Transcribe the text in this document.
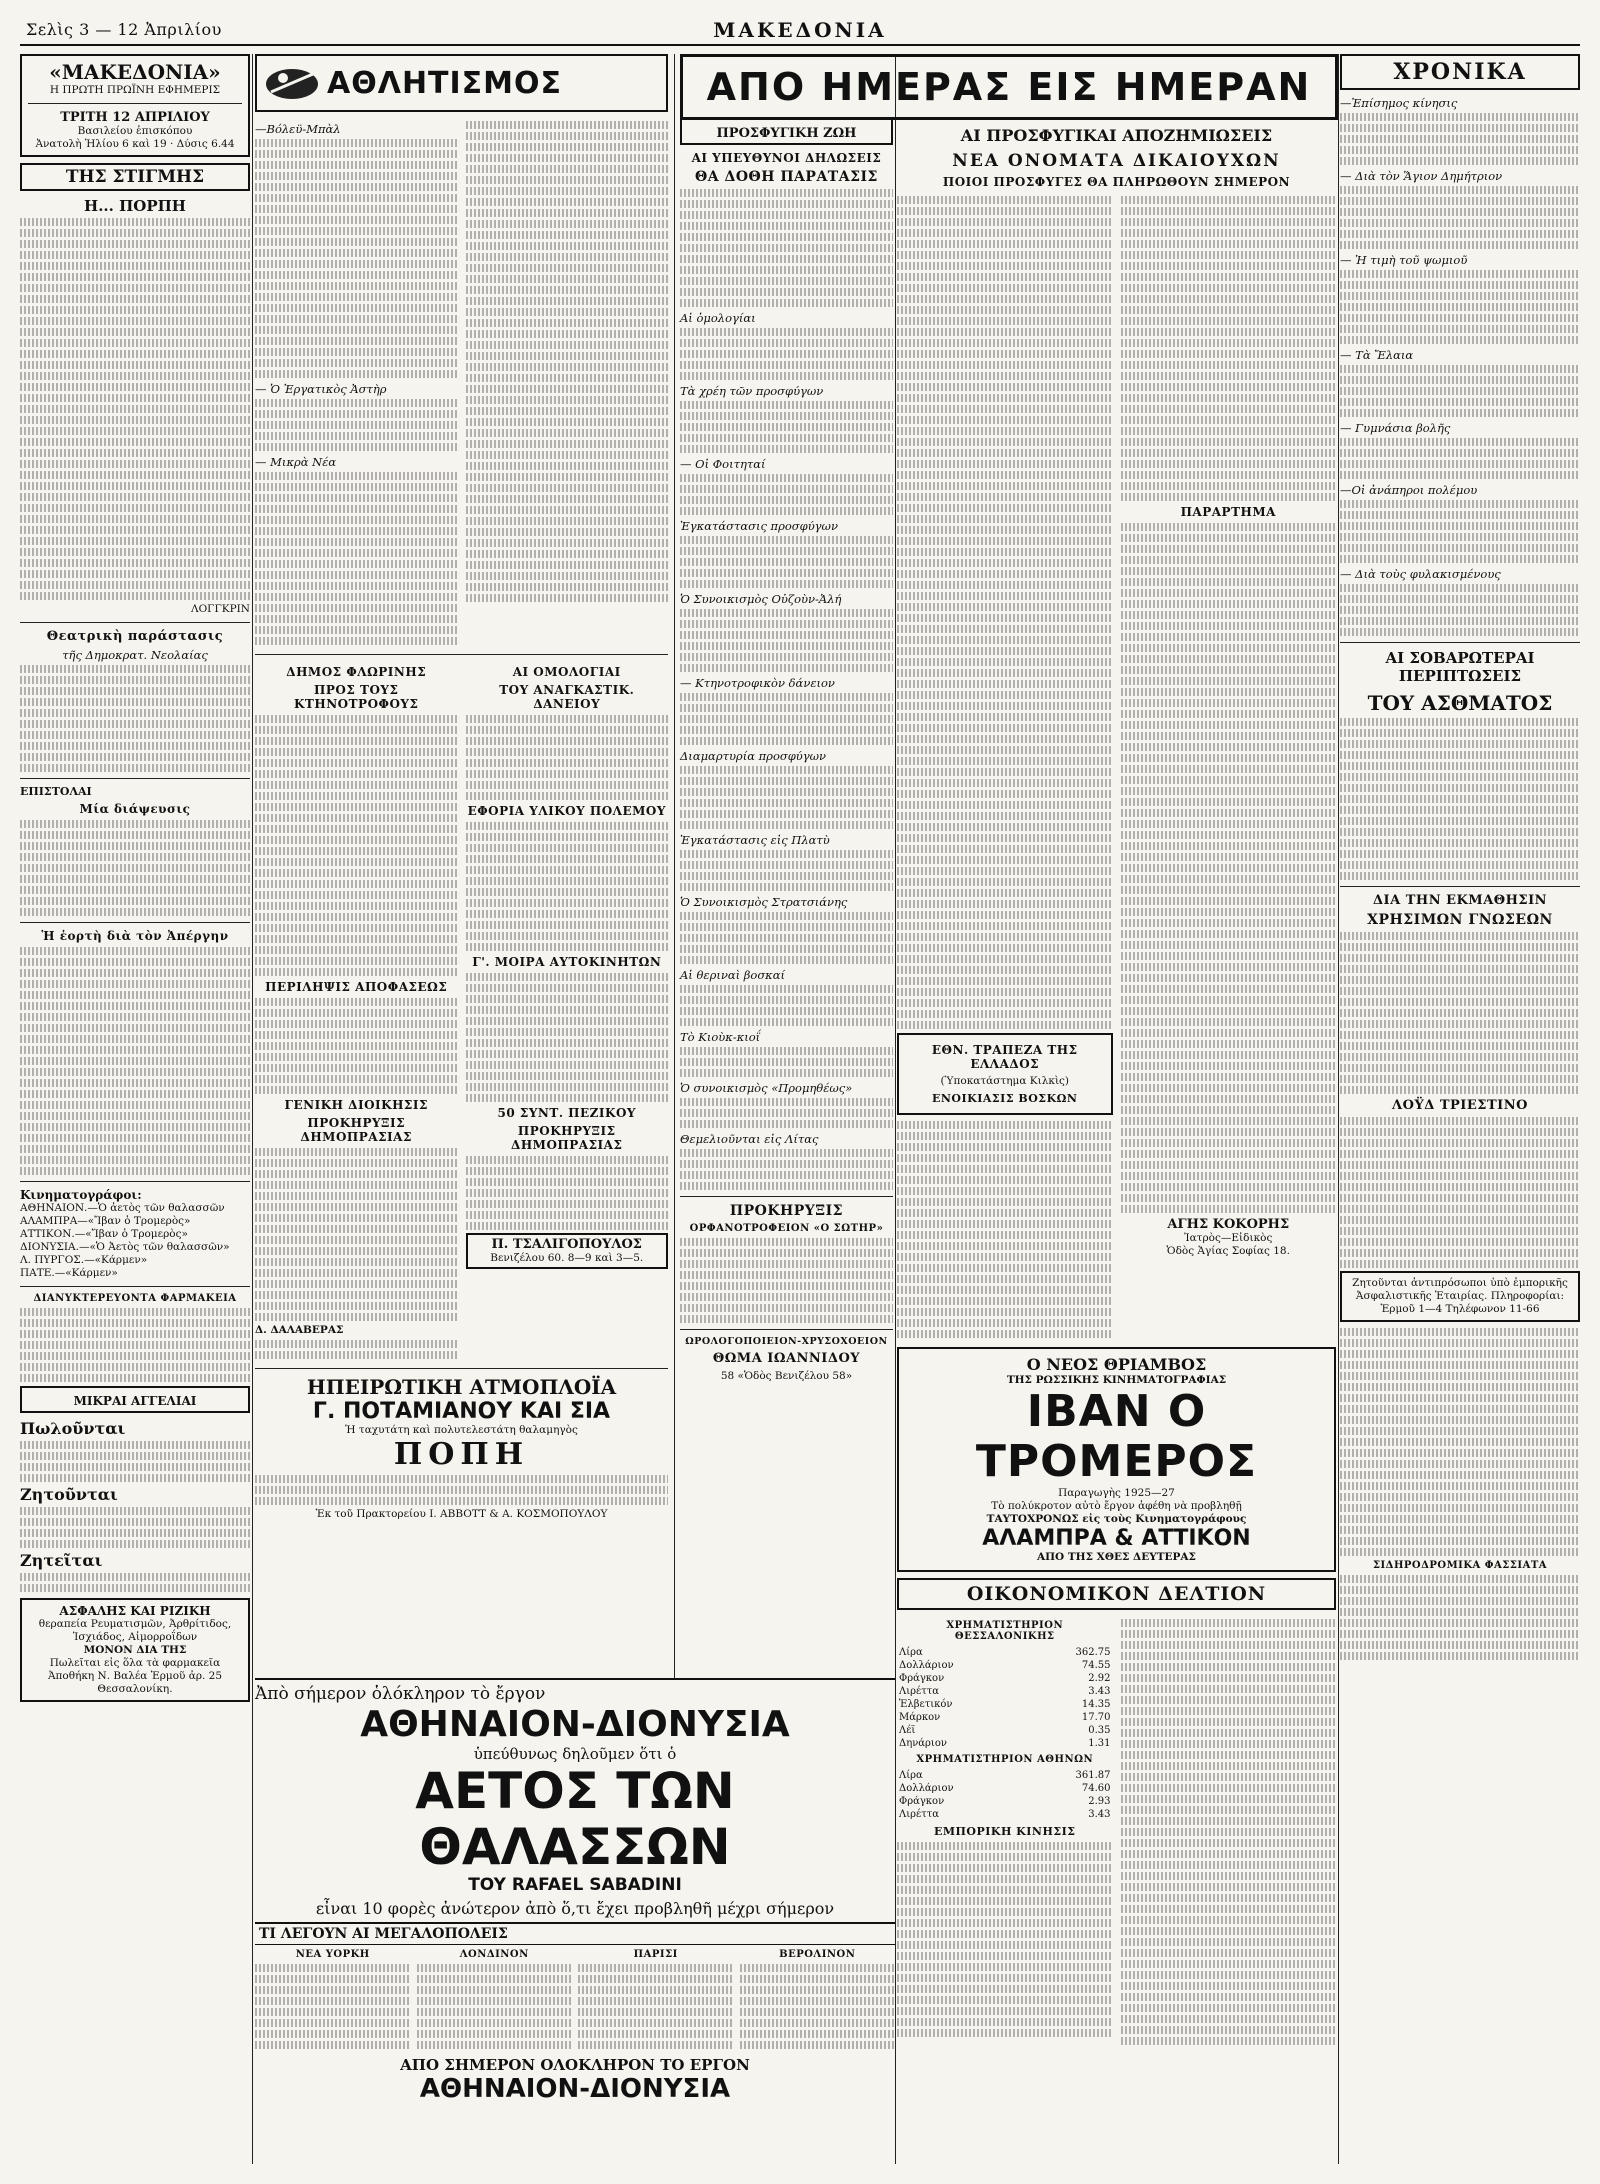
Σελὶς 3 — 12 Ἀπριλίου	ΜΑΚΕΔΟΝΙΑ
«ΜΑΚΕΔΟΝΙΑ»
Η ΠΡΩΤΗ ΠΡΩΪΝΗ ΕΦΗΜΕΡΙΣ
ΤΡΙΤΗ 12 ΑΠΡΙΛΙΟΥ
Βασιλείου ἐπισκόπου
Ἀνατολὴ Ἡλίου 6 καὶ 19 · Δύσις 6.44
ΤΗΣ ΣΤΙΓΜΗΣ
Η... ΠΟΡΠΗ
ΛΟΓΓΚΡΙΝ
Θεατρικὴ παράστασις
τῆς Δημοκρατ. Νεολαίας
ΕΠΙΣΤΟΛΑΙ
Μία διάψευσις
Ἡ ἑορτὴ διὰ τὸν Ἀπέργην
Κινηματογράφοι:
ΑΘΗΝΑΙΟΝ.—Ὁ ἀετὸς τῶν θαλασσῶν
ΑΛΑΜΠΡΑ—«Ἴβαν ὁ Τρομερὸς»
ΑΤΤΙΚΟΝ.—«Ἴβαν ὁ Τρομερὸς»
ΔΙΟΝΥΣΙΑ.—«Ὁ Ἀετὸς τῶν θαλασσῶν»
Λ. ΠΥΡΓΟΣ.—«Κάρμεν»
ΠΑΤΕ.—«Κάρμεν»
ΔΙΑΝΥΚΤΕΡΕΥΟΝΤΑ ΦΑΡΜΑΚΕΙΑ
ΜΙΚΡΑΙ ΑΓΓΕΛΙΑΙ
Πωλοῦνται
Ζητοῦνται
Ζητεῖται
ΑΣΦΑΛΗΣ ΚΑΙ ΡΙΖΙΚΗ
θεραπεία Ρευματισμῶν, Ἀρθρίτιδος, Ἰσχιάδος, Αἱμορροΐδων
ΜΟΝΟΝ ΔΙΑ ΤΗΣ
Πωλεῖται εἰς ὅλα τὰ φαρμακεῖα
Ἀποθήκη Ν. Βαλέα Ἐρμοῦ ἀρ. 25 Θεσσαλονίκη.
ΑΘΛΗΤΙΣΜΟΣ
—Βόλεϋ-Μπὰλ
— Ὁ Ἐργατικὸς Ἀστὴρ
— Μικρὰ Νέα
ΔΗΜΟΣ ΦΛΩΡΙΝΗΣ
ΠΡΟΣ ΤΟΥΣ ΚΤΗΝΟΤΡΟΦΟΥΣ
ΠΕΡΙΛΗΨΙΣ ΑΠΟΦΑΣΕΩΣ
ΓΕΝΙΚΗ ΔΙΟΙΚΗΣΙΣ
ΠΡΟΚΗΡΥΞΙΣ ΔΗΜΟΠΡΑΣΙΑΣ
Δ. ΔΑΛΑΒΕΡΑΣ
ΑΙ ΟΜΟΛΟΓΙΑΙ
ΤΟΥ ΑΝΑΓΚΑΣΤΙΚ. ΔΑΝΕΙΟΥ
ΕΦΟΡΙΑ ΥΛΙΚΟΥ ΠΟΛΕΜΟΥ
Γ'. ΜΟΙΡΑ ΑΥΤΟΚΙΝΗΤΩΝ
50 ΣΥΝΤ. ΠΕΖΙΚΟΥ
ΠΡΟΚΗΡΥΞΙΣ ΔΗΜΟΠΡΑΣΙΑΣ
Π. ΤΣΑΛΙΓΟΠΟΥΛΟΣ
Βενιζέλου 60. 8—9 καὶ 3—5.
ΗΠΕΙΡΩΤΙΚΗ ΑΤΜΟΠΛΟΪΑ
Γ. ΠΟΤΑΜΙΑΝΟΥ ΚΑΙ ΣΙΑ
Ἡ ταχυτάτη καὶ πολυτελεστάτη θαλαμηγὸς
ΠΟΠΗ
Ἐκ τοῦ Πρακτορείου Ι. ABBOTT & A. ΚΟΣΜΟΠΟΥΛΟΥ
ΠΡΟΣΦΥΓΙΚΗ ΖΩΗ
ΑΙ ΥΠΕΥΘΥΝΟΙ ΔΗΛΩΣΕΙΣ
ΘΑ ΔΟΘΗ ΠΑΡΑΤΑΣΙΣ
Αἱ ὁμολογίαι
Τὰ χρέη τῶν προσφύγων
— Οἱ Φοιτηταί
Ἐγκατάστασις προσφύγων
Ὁ Συνοικισμὸς Οὐζοὺν-Ἀλή
— Κτηνοτροφικὸν δάνειον
Διαμαρτυρία προσφύγων
Ἐγκατάστασις εἰς Πλατὺ
Ὁ Συνοικισμὸς Στρατσιάνης
Αἱ θεριναὶ βοσκαί
Τὸ Κιοὺκ-κιοΐ
Ὁ συνοικισμὸς «Προμηθέως»
Θεμελιοῦνται εἰς Λίτας
ΠΡΟΚΗΡΥΞΙΣ
ΟΡΦΑΝΟΤΡΟΦΕΙΟΝ «Ο ΣΩΤΗΡ»
ΩΡΟΛΟΓΟΠΟΙΕΙΟΝ-ΧΡΥΣΟΧΟΕΙΟΝ
ΘΩΜΑ ΙΩΑΝΝΙΔΟΥ
58 «Ὁδὸς Βενιζέλου 58»
ΑΠΟ ΗΜΕΡΑΣ ΕΙΣ ΗΜΕΡΑΝ
ΑΙ ΠΡΟΣΦΥΓΙΚΑΙ ΑΠΟΖΗΜΙΩΣΕΙΣ
ΝΕΑ ΟΝΟΜΑΤΑ ΔΙΚΑΙΟΥΧΩΝ
ΠΟΙΟΙ ΠΡΟΣΦΥΓΕΣ ΘΑ ΠΛΗΡΩΘΟΥΝ ΣΗΜΕΡΟΝ
ΕΘΝ. ΤΡΑΠΕΖΑ ΤΗΣ ΕΛΛΑΔΟΣ
(Ὑποκατάστημα Κιλκὶς)
ΕΝΟΙΚΙΑΣΙΣ ΒΟΣΚΩΝ
ΠΑΡΑΡΤΗΜΑ
ΑΓΗΣ ΚΟΚΟΡΗΣ
Ἰατρὸς—Εἰδικὸς
Ὁδὸς Ἁγίας Σοφίας 18.
Ο ΝΕΟΣ ΘΡΙΑΜΒΟΣ
ΤΗΣ ΡΩΣΣΙΚΗΣ ΚΙΝΗΜΑΤΟΓΡΑΦΙΑΣ
ΙΒΑΝ Ο ΤΡΟΜΕΡΟΣ
Παραγωγὴς 1925—27
Τὸ πολύκροτον αὐτὸ ἔργον ἀφέθη νὰ προβληθῇ
ΤΑΥΤΟΧΡΟΝΩΣ εἰς τοὺς Κινηματογράφους
ΑΛΑΜΠΡΑ & ΑΤΤΙΚΟΝ
ΑΠΟ ΤΗΣ ΧΘΕΣ ΔΕΥΤΕΡΑΣ
ΟΙΚΟΝΟΜΙΚΟΝ ΔΕΛΤΙΟΝ
ΧΡΗΜΑΤΙΣΤΗΡΙΟΝ ΘΕΣΣΑΛΟΝΙΚΗΣ
Λίρα	362.75
Δολλάριον	74.55
Φράγκον	2.92
Λιρέττα	3.43
Ἑλβετικόν	14.35
Μάρκον	17.70
Λέϊ	0.35
Δηνάριον	1.31
ΧΡΗΜΑΤΙΣΤΗΡΙΟΝ ΑΘΗΝΩΝ
Λίρα	361.87
Δολλάριον	74.60
Φράγκον	2.93
Λιρέττα	3.43
ΕΜΠΟΡΙΚΗ ΚΙΝΗΣΙΣ
ΧΡΟΝΙΚΑ
—Ἐπίσημος κίνησις
— Διὰ τὸν Ἅγιον Δημήτριον
— Ἡ τιμὴ τοῦ ψωμιοῦ
— Τὰ Ἔλαια
— Γυμνάσια βολῆς
—Οἱ ἀνάπηροι πολέμου
— Διὰ τοὺς φυλακισμένους
ΑΙ ΣΟΒΑΡΩΤΕΡΑΙ ΠΕΡΙΠΤΩΣΕΙΣ
ΤΟΥ ΑΣΘΜΑΤΟΣ
ΔΙΑ ΤΗΝ ΕΚΜΑΘΗΣΙΝ
ΧΡΗΣΙΜΩΝ ΓΝΩΣΕΩΝ
ΛΟΫΔ ΤΡΙΕΣΤΙΝΟ
Ζητοῦνται ἀντιπρόσωποι ὑπὸ ἐμπορικῆς Ἀσφαλιστικῆς Ἑταιρίας. Πληροφορίαι: Ἑρμοῦ 1—4 Τηλέφωνον 11-66
ΣΙΔΗΡΟΔΡΟΜΙΚΑ ΦΑΣΣΙΑΤΑ
Ἀπὸ σήμερον ὁλόκληρον τὸ ἔργον
ΑΘΗΝΑΙΟΝ-ΔΙΟΝΥΣΙΑ
ὑπεύθυνως δηλοῦμεν ὅτι ὁ
ΑΕΤΟΣ ΤΩΝ ΘΑΛΑΣΣΩΝ
TOY RAFAEL SABADINI
εἶναι 10 φορὲς ἀνώτερον ἀπὸ ὅ,τι ἔχει προβληθῆ μέχρι σήμερον
ΤΙ ΛΕΓΟΥΝ ΑΙ ΜΕΓΑΛΟΠΟΛΕΙΣ
ΝΕΑ ΥΟΡΚΗ	ΛΟΝΔΙΝΟΝ	ΠΑΡΙΣΙ	ΒΕΡΟΛΙΝΟΝ
ΑΠΟ ΣΗΜΕΡΟΝ ΟΛΟΚΛΗΡΟΝ ΤΟ ΕΡΓΟΝ
ΑΘΗΝΑΙΟΝ-ΔΙΟΝΥΣΙΑ
